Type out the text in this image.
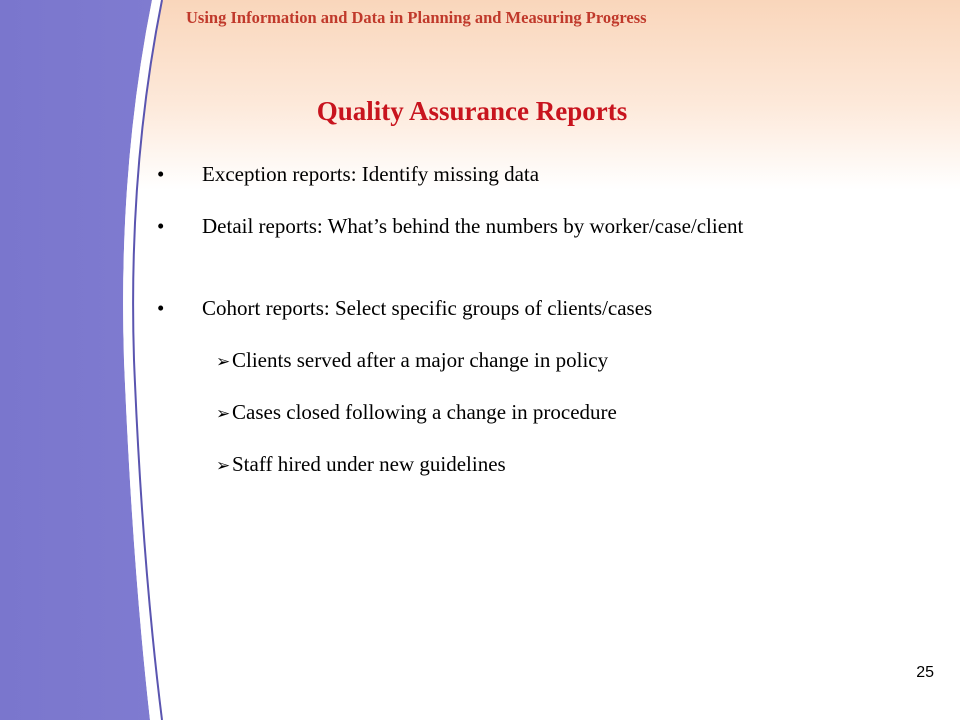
Using Information and Data in Planning and Measuring Progress
Quality Assurance Reports
• Exception reports: Identify missing data
• Detail reports: What’s behind the numbers by worker/case/client
• Cohort reports: Select specific groups of clients/cases
➢Clients served after a major change in policy
➢Cases closed following a change in procedure
➢Staff hired under new guidelines
25
